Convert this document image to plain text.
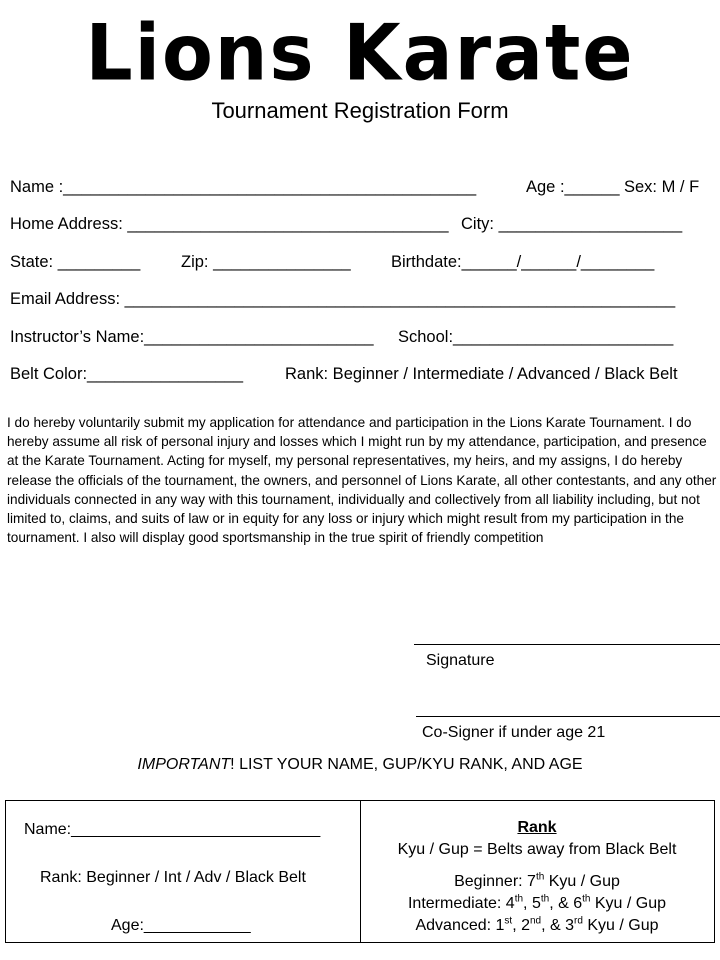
Lions Karate
Tournament Registration Form
Name :_____________________________________________	Age :______ Sex: M / F
Home Address: ___________________________________ City: ____________________
State: _________ Zip: _______________ Birthdate:______/______/________
Email Address: ____________________________________________________________
Instructor’s Name:_________________________ School:________________________
Belt Color:_________________	Rank: Beginner / Intermediate / Advanced / Black Belt
I do hereby voluntarily submit my application for attendance and participation in the Lions Karate Tournament. I do hereby assume all risk of personal injury and losses which I might run by my attendance, participation, and presence at the Karate Tournament. Acting for myself, my personal representatives, my heirs, and my assigns, I do hereby release the officials of the tournament, the owners, and personnel of Lions Karate, all other contestants, and any other individuals connected in any way with this tournament, individually and collectively from all liability including, but not limited to, claims, and suits of law or in equity for any loss or injury which might result from my participation in the tournament. I also will display good sportsmanship in the true spirit of friendly competition
Signature
Co-Signer if under age 21
IMPORTANT! LIST YOUR NAME, GUP/KYU RANK, AND AGE
Name:____________________________
Rank: Beginner / Int / Adv / Black Belt
Age:____________
Rank
Kyu / Gup = Belts away from Black Belt
Beginner: 7th Kyu / Gup
Intermediate: 4th, 5th, & 6th Kyu / Gup
Advanced: 1st, 2nd, & 3rd Kyu / Gup
